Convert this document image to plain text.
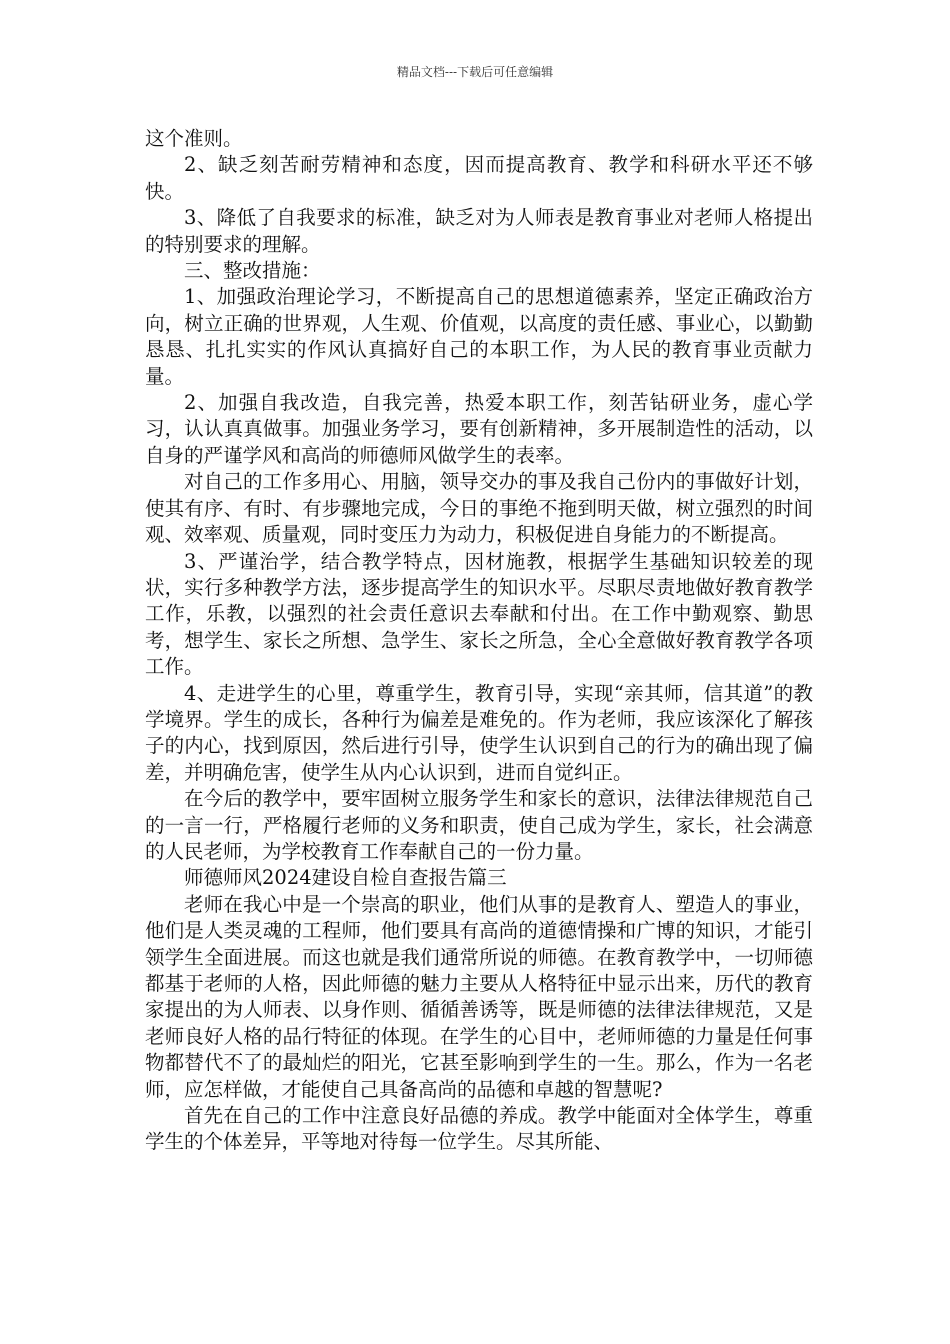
精品文档---下载后可任意编辑

这个准则。

2、缺乏刻苦耐劳精神和态度，因而提高教育、教学和科研水平还不够快。

3、降低了自我要求的标准，缺乏对为人师表是教育事业对老师人格提出的特别要求的理解。

三、整改措施：

1、加强政治理论学习，不断提高自己的思想道德素养，坚定正确政治方向，树立正确的世界观，人生观、价值观，以高度的责任感、事业心，以勤勤恳恳、扎扎实实的作风认真搞好自己的本职工作，为人民的教育事业贡献力量。

2、加强自我改造，自我完善，热爱本职工作，刻苦钻研业务，虚心学习，认认真真做事。加强业务学习，要有创新精神，多开展制造性的活动，以自身的严谨学风和高尚的师德师风做学生的表率。

对自己的工作多用心、用脑，领导交办的事及我自己份内的事做好计划，使其有序、有时、有步骤地完成，今日的事绝不拖到明天做，树立强烈的时间观、效率观、质量观，同时变压力为动力，积极促进自身能力的不断提高。

3、严谨治学，结合教学特点，因材施教，根据学生基础知识较差的现状，实行多种教学方法，逐步提高学生的知识水平。尽职尽责地做好教育教学工作，乐教，以强烈的社会责任意识去奉献和付出。在工作中勤观察、勤思考，想学生、家长之所想、急学生、家长之所急，全心全意做好教育教学各项工作。

4、走进学生的心里，尊重学生，教育引导，实现“亲其师，信其道”的教学境界。学生的成长，各种行为偏差是难免的。作为老师，我应该深化了解孩子的内心，找到原因，然后进行引导，使学生认识到自己的行为的确出现了偏差，并明确危害，使学生从内心认识到，进而自觉纠正。

在今后的教学中，要牢固树立服务学生和家长的意识，法律法律规范自己的一言一行，严格履行老师的义务和职责，使自己成为学生，家长，社会满意的人民老师，为学校教育工作奉献自己的一份力量。

师德师风2024建设自检自查报告篇三

老师在我心中是一个崇高的职业，他们从事的是教育人、塑造人的事业，他们是人类灵魂的工程师，他们要具有高尚的道德情操和广博的知识，才能引领学生全面进展。而这也就是我们通常所说的师德。在教育教学中，一切师德都基于老师的人格，因此师德的魅力主要从人格特征中显示出来，历代的教育家提出的为人师表、以身作则、循循善诱等，既是师德的法律法律规范，又是老师良好人格的品行特征的体现。在学生的心目中，老师师德的力量是任何事物都替代不了的最灿烂的阳光，它甚至影响到学生的一生。那么，作为一名老师，应怎样做，才能使自己具备高尚的品德和卓越的智慧呢?

首先在自己的工作中注意良好品德的养成。教学中能面对全体学生，尊重学生的个体差异，平等地对待每一位学生。尽其所能、
